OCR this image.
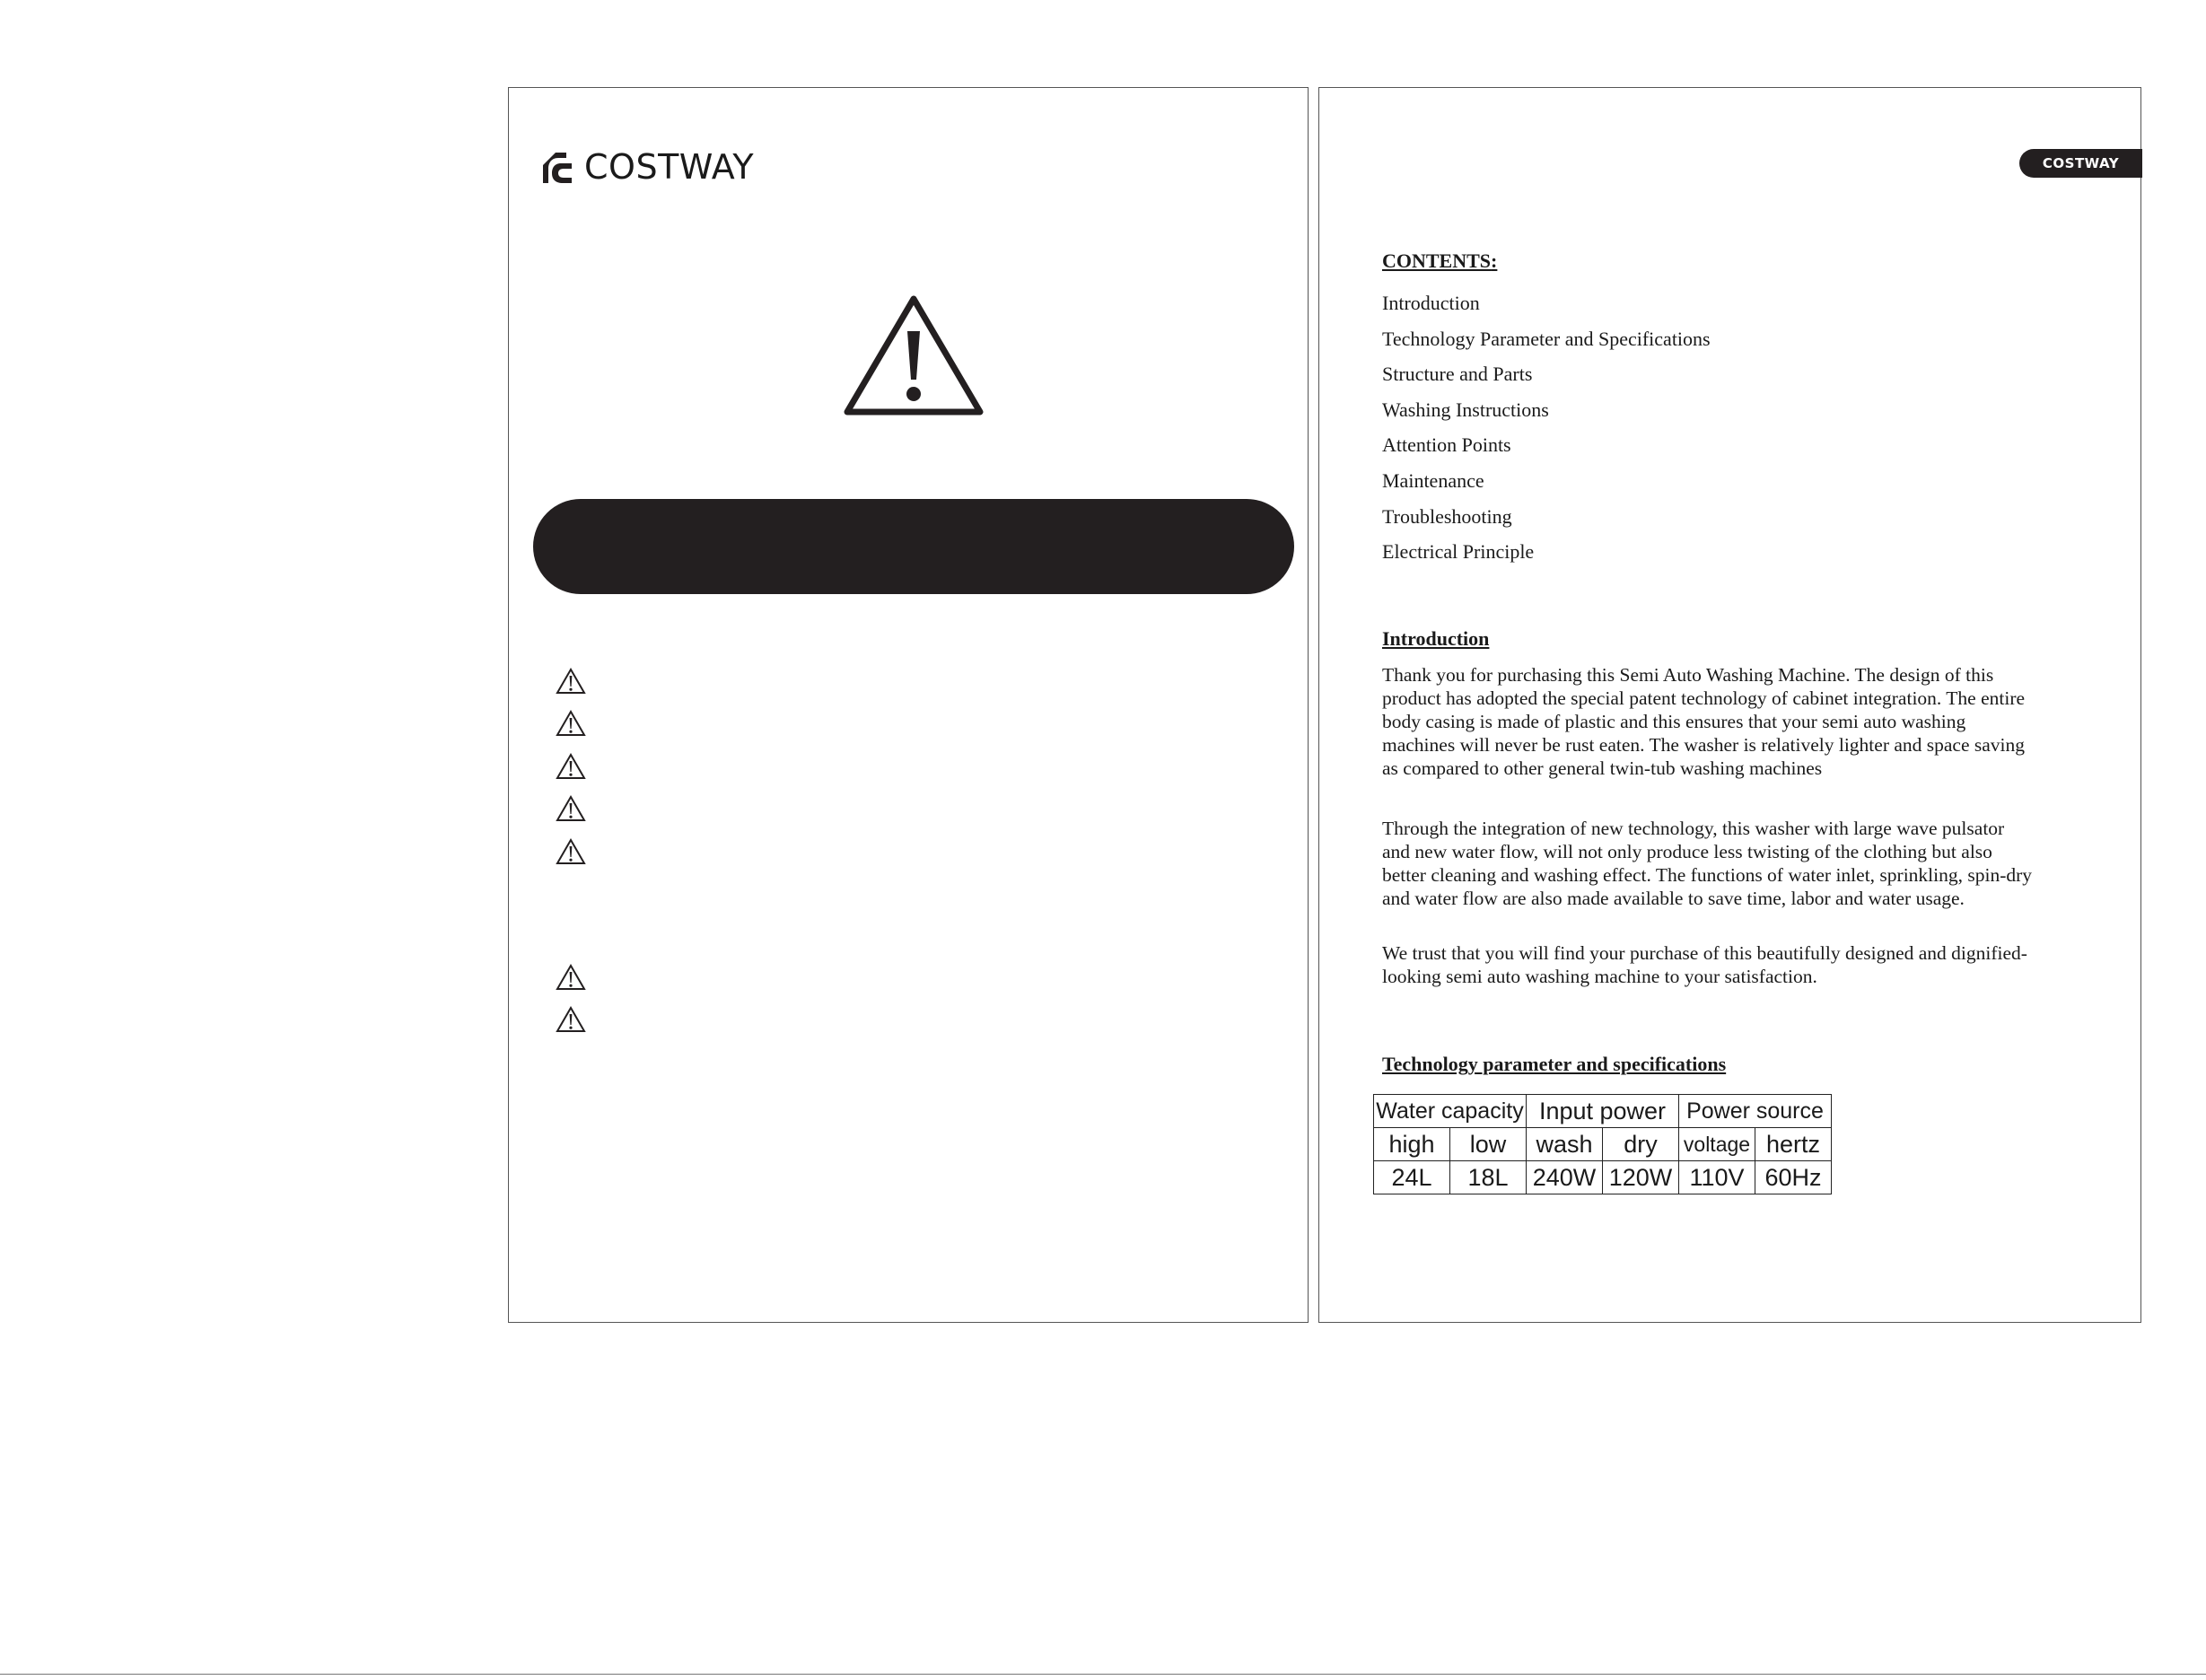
COSTWAY	COSTWAY
CONTENTS:
Introduction
Technology Parameter and Specifications
Structure and Parts
Washing Instructions
Attention Points
Maintenance
Troubleshooting
Electrical Principle
Introduction

Thank you for purchasing this Semi Auto Washing Machine. The design of this product has adopted the special patent technology of cabinet integration. The entire body casing is made of plastic and this ensures that your semi auto washing machines will never be rust eaten. The washer is relatively lighter and space saving as compared to other general twin-tub washing machines

Through the integration of new technology, this washer with large wave pulsator and new water flow, will not only produce less twisting of the clothing but also better cleaning and washing effect. The functions of water inlet, sprinkling, spin-dry and water flow are also made available to save time, labor and water usage.

We trust that you will find your purchase of this beautifully designed and dignified-looking semi auto washing machine to your satisfaction.

Technology parameter and specifications
Water capacity		Input power		Power source	
high	low	wash	dry	voltage	hertz
24L	18L	240W	120W	110V	60Hz
